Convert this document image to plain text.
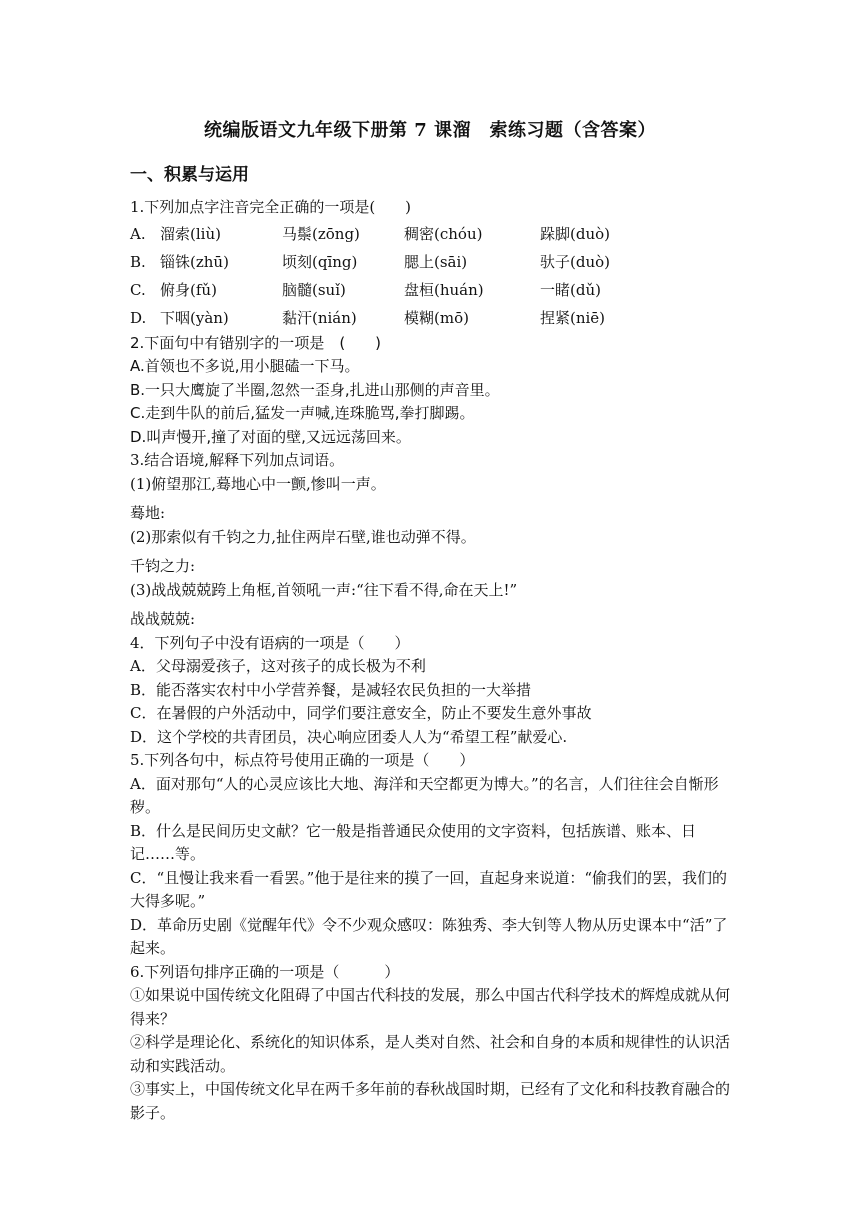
统编版语文九年级下册第 7 课溜　索练习题（含答案）
一、积累与运用
1.下列加点字注音完全正确的一项是(　　)
A. 溜索(liù)	马鬃(zōng)	稠密(chóu)	跺脚(duò)
B. 锱铢(zhū)	顷刻(qīng)	腮上(sāi)	驮子(duò)
C. 俯身(fǔ)	脑髓(suǐ)	盘桓(huán)	一睹(dǔ)
D. 下咽(yàn)	黏汗(nián)	模糊(mō)	捏紧(niē)
2.下面句中有错别字的一项是　(　　)
A.首领也不多说,用小腿磕一下马。
B.一只大鹰旋了半圈,忽然一歪身,扎进山那侧的声音里。
C.走到牛队的前后,猛发一声喊,连珠脆骂,拳打脚踢。
D.叫声慢开,撞了对面的壁,又远远荡回来。
3.结合语境,解释下列加点词语。
(1)俯望那江,蓦地心中一颤,惨叫一声。
蓦地:
(2)那索似有千钧之力,扯住两岸石壁,谁也动弹不得。
千钧之力:
(3)战战兢兢跨上角框,首领吼一声:“往下看不得,命在天上!”
战战兢兢:
4．下列句子中没有语病的一项是（　　）
A．父母溺爱孩子，这对孩子的成长极为不利
B．能否落实农村中小学营养餐，是减轻农民负担的一大举措
C．在暑假的户外活动中，同学们要注意安全，防止不要发生意外事故
D．这个学校的共青团员，决心响应团委人人为“希望工程”献爱心.
5.下列各句中，标点符号使用正确的一项是（　　）
A．面对那句“人的心灵应该比大地、海洋和天空都更为博大。”的名言，人们往往会自惭形秽。
B．什么是民间历史文献？它一般是指普通民众使用的文字资料，包括族谱、账本、日记……等。
C．“且慢让我来看一看罢。”他于是往来的摸了一回，直起身来说道：“偷我们的罢，我们的大得多呢。”
D．革命历史剧《觉醒年代》令不少观众感叹：陈独秀、李大钊等人物从历史课本中“活”了起来。
6.下列语句排序正确的一项是（　　　）
①如果说中国传统文化阻碍了中国古代科技的发展，那么中国古代科学技术的辉煌成就从何得来？
②科学是理论化、系统化的知识体系，是人类对自然、社会和自身的本质和规律性的认识活动和实践活动。
③事实上，中国传统文化早在两千多年前的春秋战国时期，已经有了文化和科技教育融合的影子。
